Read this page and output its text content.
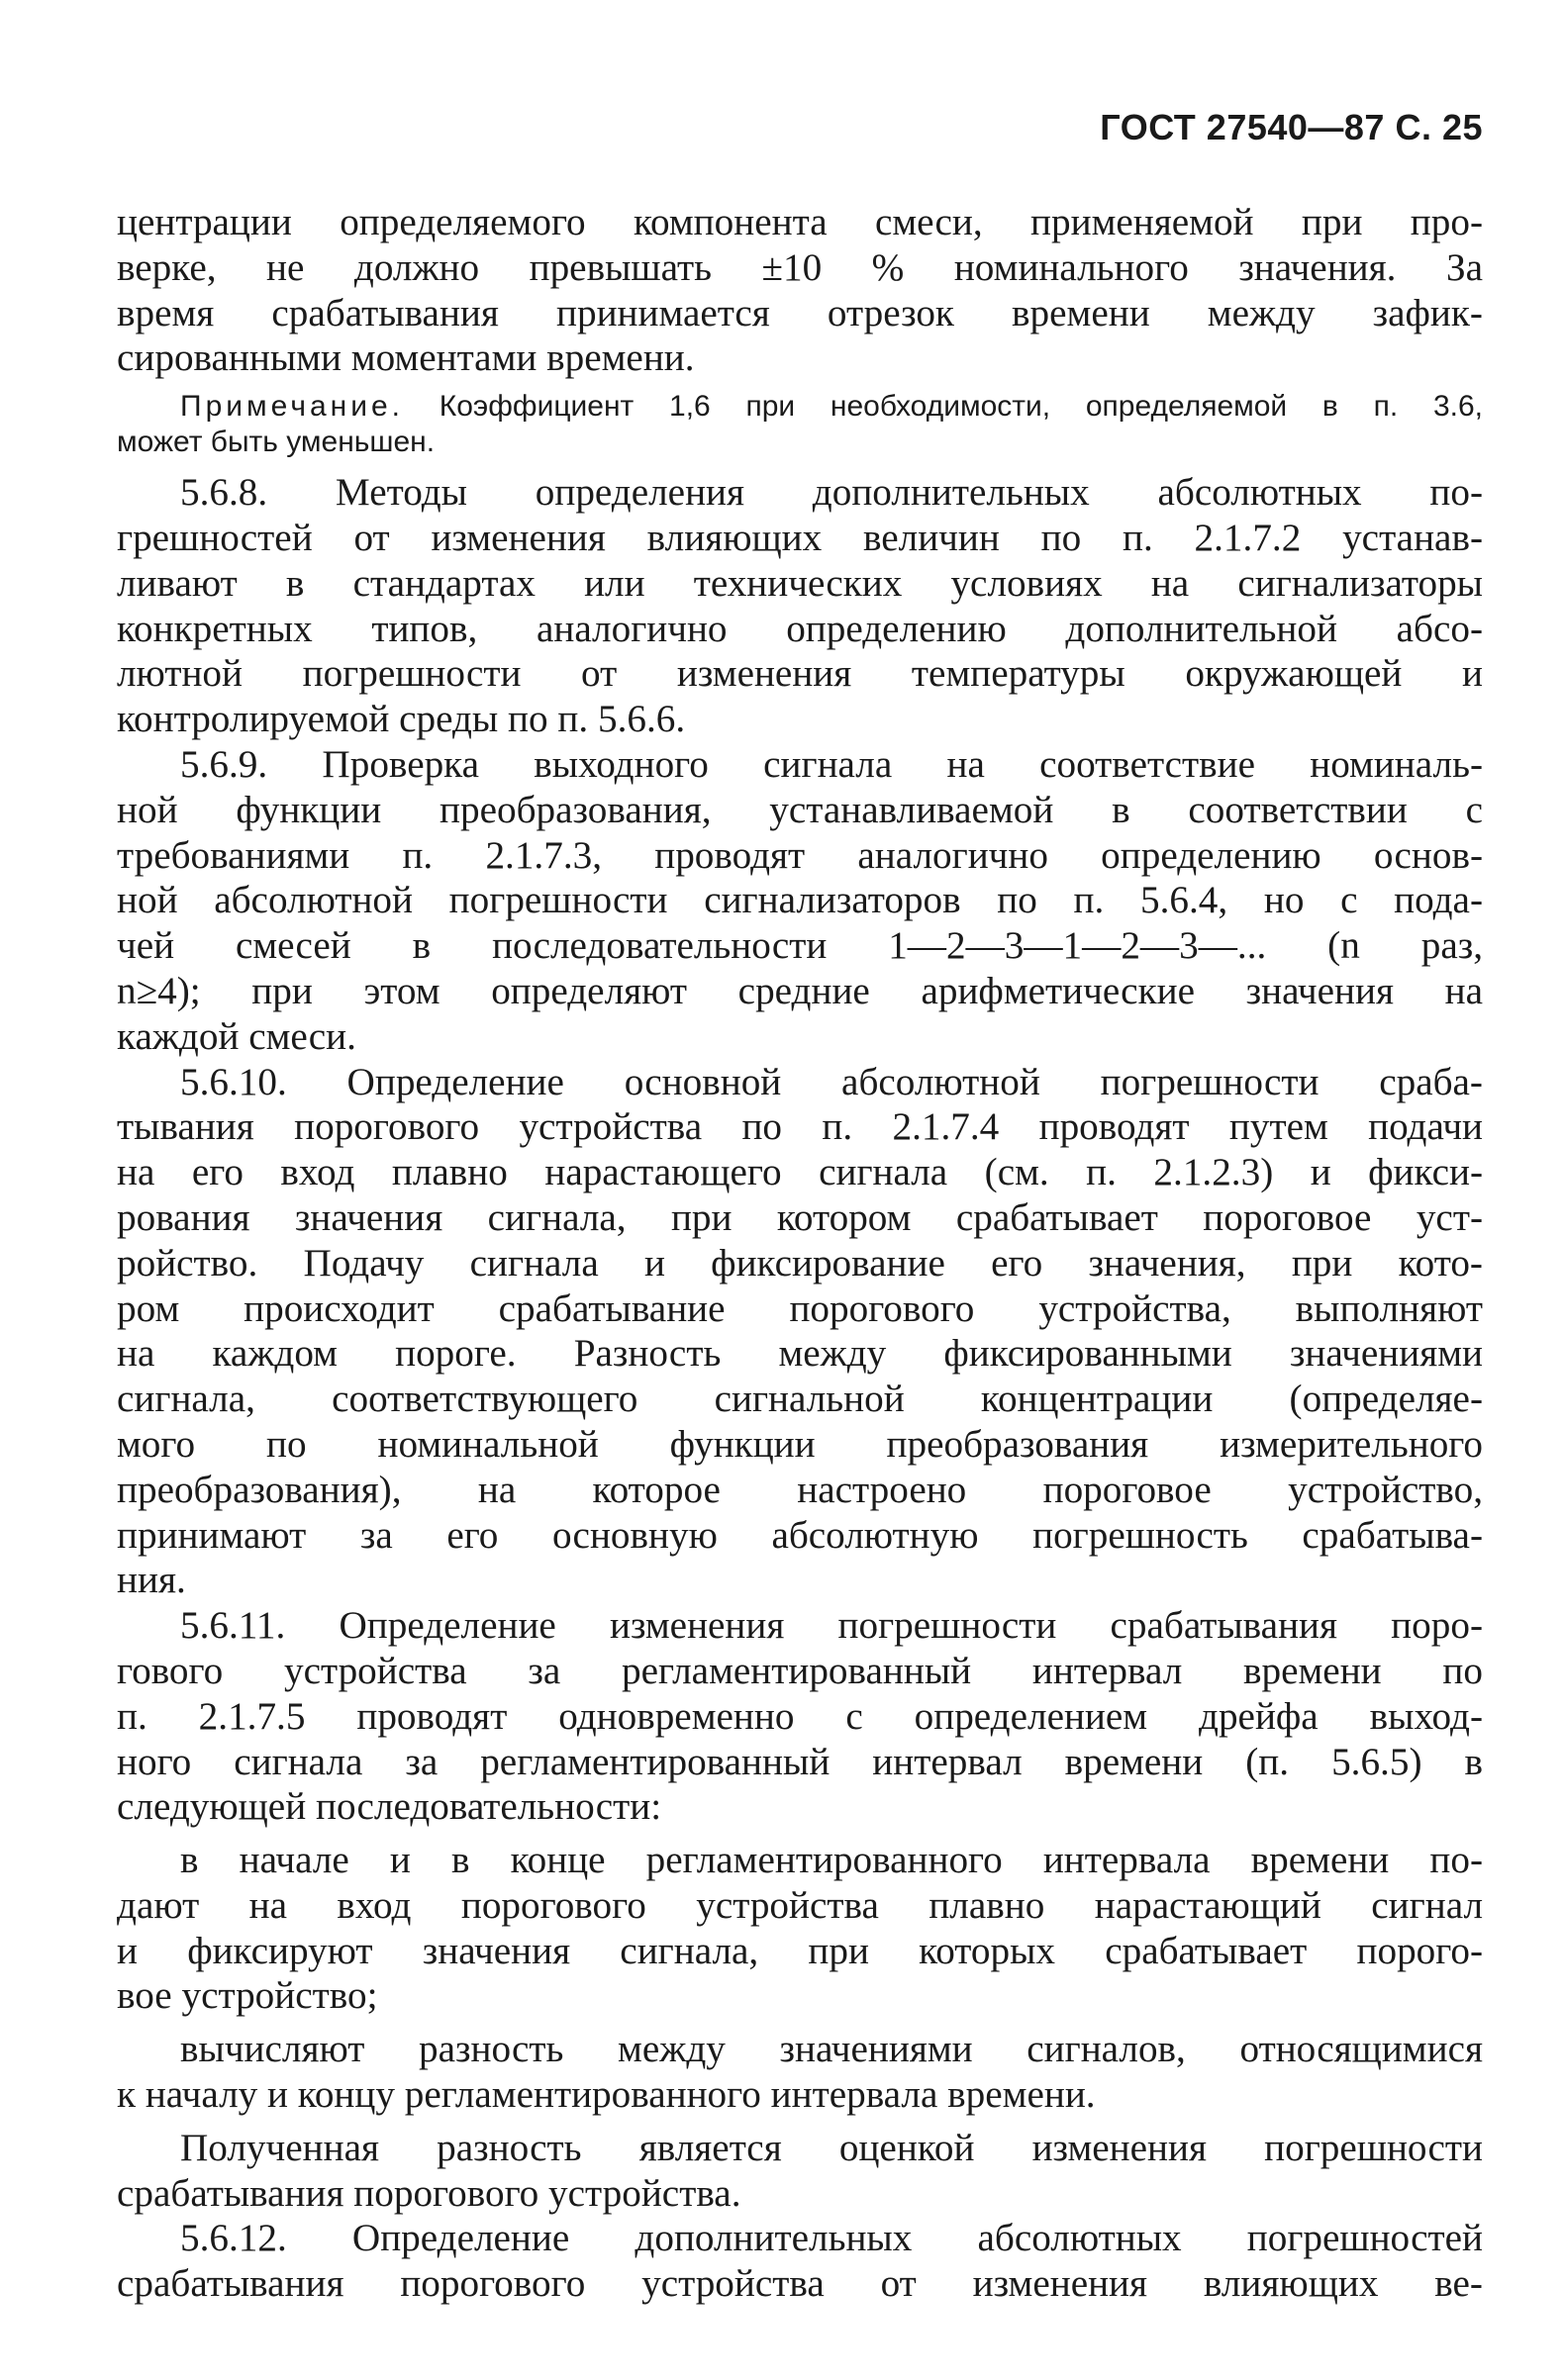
ГОСТ 27540—87 С. 25
центрации определяемого компонента смеси, применяемой при про-
верке, не должно превышать ±10 % номинального значения. За
время срабатывания принимается отрезок времени между зафик-
сированными моментами времени.
Примечание. Коэффициент 1,6 при необходимости, определяемой в п. 3.6,
может быть уменьшен.
5.6.8. Методы определения дополнительных абсолютных по-
грешностей от изменения влияющих величин по п. 2.1.7.2 устанав-
ливают в стандартах или технических условиях на сигнализаторы
конкретных типов, аналогично определению дополнительной абсо-
лютной погрешности от изменения температуры окружающей и
контролируемой среды по п. 5.6.6.
5.6.9. Проверка выходного сигнала на соответствие номиналь-
ной функции преобразования, устанавливаемой в соответствии с
требованиями п. 2.1.7.3, проводят аналогично определению основ-
ной абсолютной погрешности сигнализаторов по п. 5.6.4, но с пода-
чей смесей в последовательности 1—2—3—1—2—3—... (n раз,
n≥4); при этом определяют средние арифметические значения на
каждой смеси.
5.6.10. Определение основной абсолютной погрешности сраба-
тывания порогового устройства по п. 2.1.7.4 проводят путем подачи
на его вход плавно нарастающего сигнала (см. п. 2.1.2.3) и фикси-
рования значения сигнала, при котором срабатывает пороговое уст-
ройство. Подачу сигнала и фиксирование его значения, при кото-
ром происходит срабатывание порогового устройства, выполняют
на каждом пороге. Разность между фиксированными значениями
сигнала, соответствующего сигнальной концентрации (определяе-
мого по номинальной функции преобразования измерительного
преобразования), на которое настроено пороговое устройство,
принимают за его основную абсолютную погрешность срабатыва-
ния.
5.6.11. Определение изменения погрешности срабатывания поро-
гового устройства за регламентированный интервал времени по
п. 2.1.7.5 проводят одновременно с определением дрейфа выход-
ного сигнала за регламентированный интервал времени (п. 5.6.5) в
следующей последовательности:
в начале и в конце регламентированного интервала времени по-
дают на вход порогового устройства плавно нарастающий сигнал
и фиксируют значения сигнала, при которых срабатывает порого-
вое устройство;
вычисляют разность между значениями сигналов, относящимися
к началу и концу регламентированного интервала времени.
Полученная разность является оценкой изменения погрешности
срабатывания порогового устройства.
5.6.12. Определение дополнительных абсолютных погрешностей
срабатывания порогового устройства от изменения влияющих ве-
